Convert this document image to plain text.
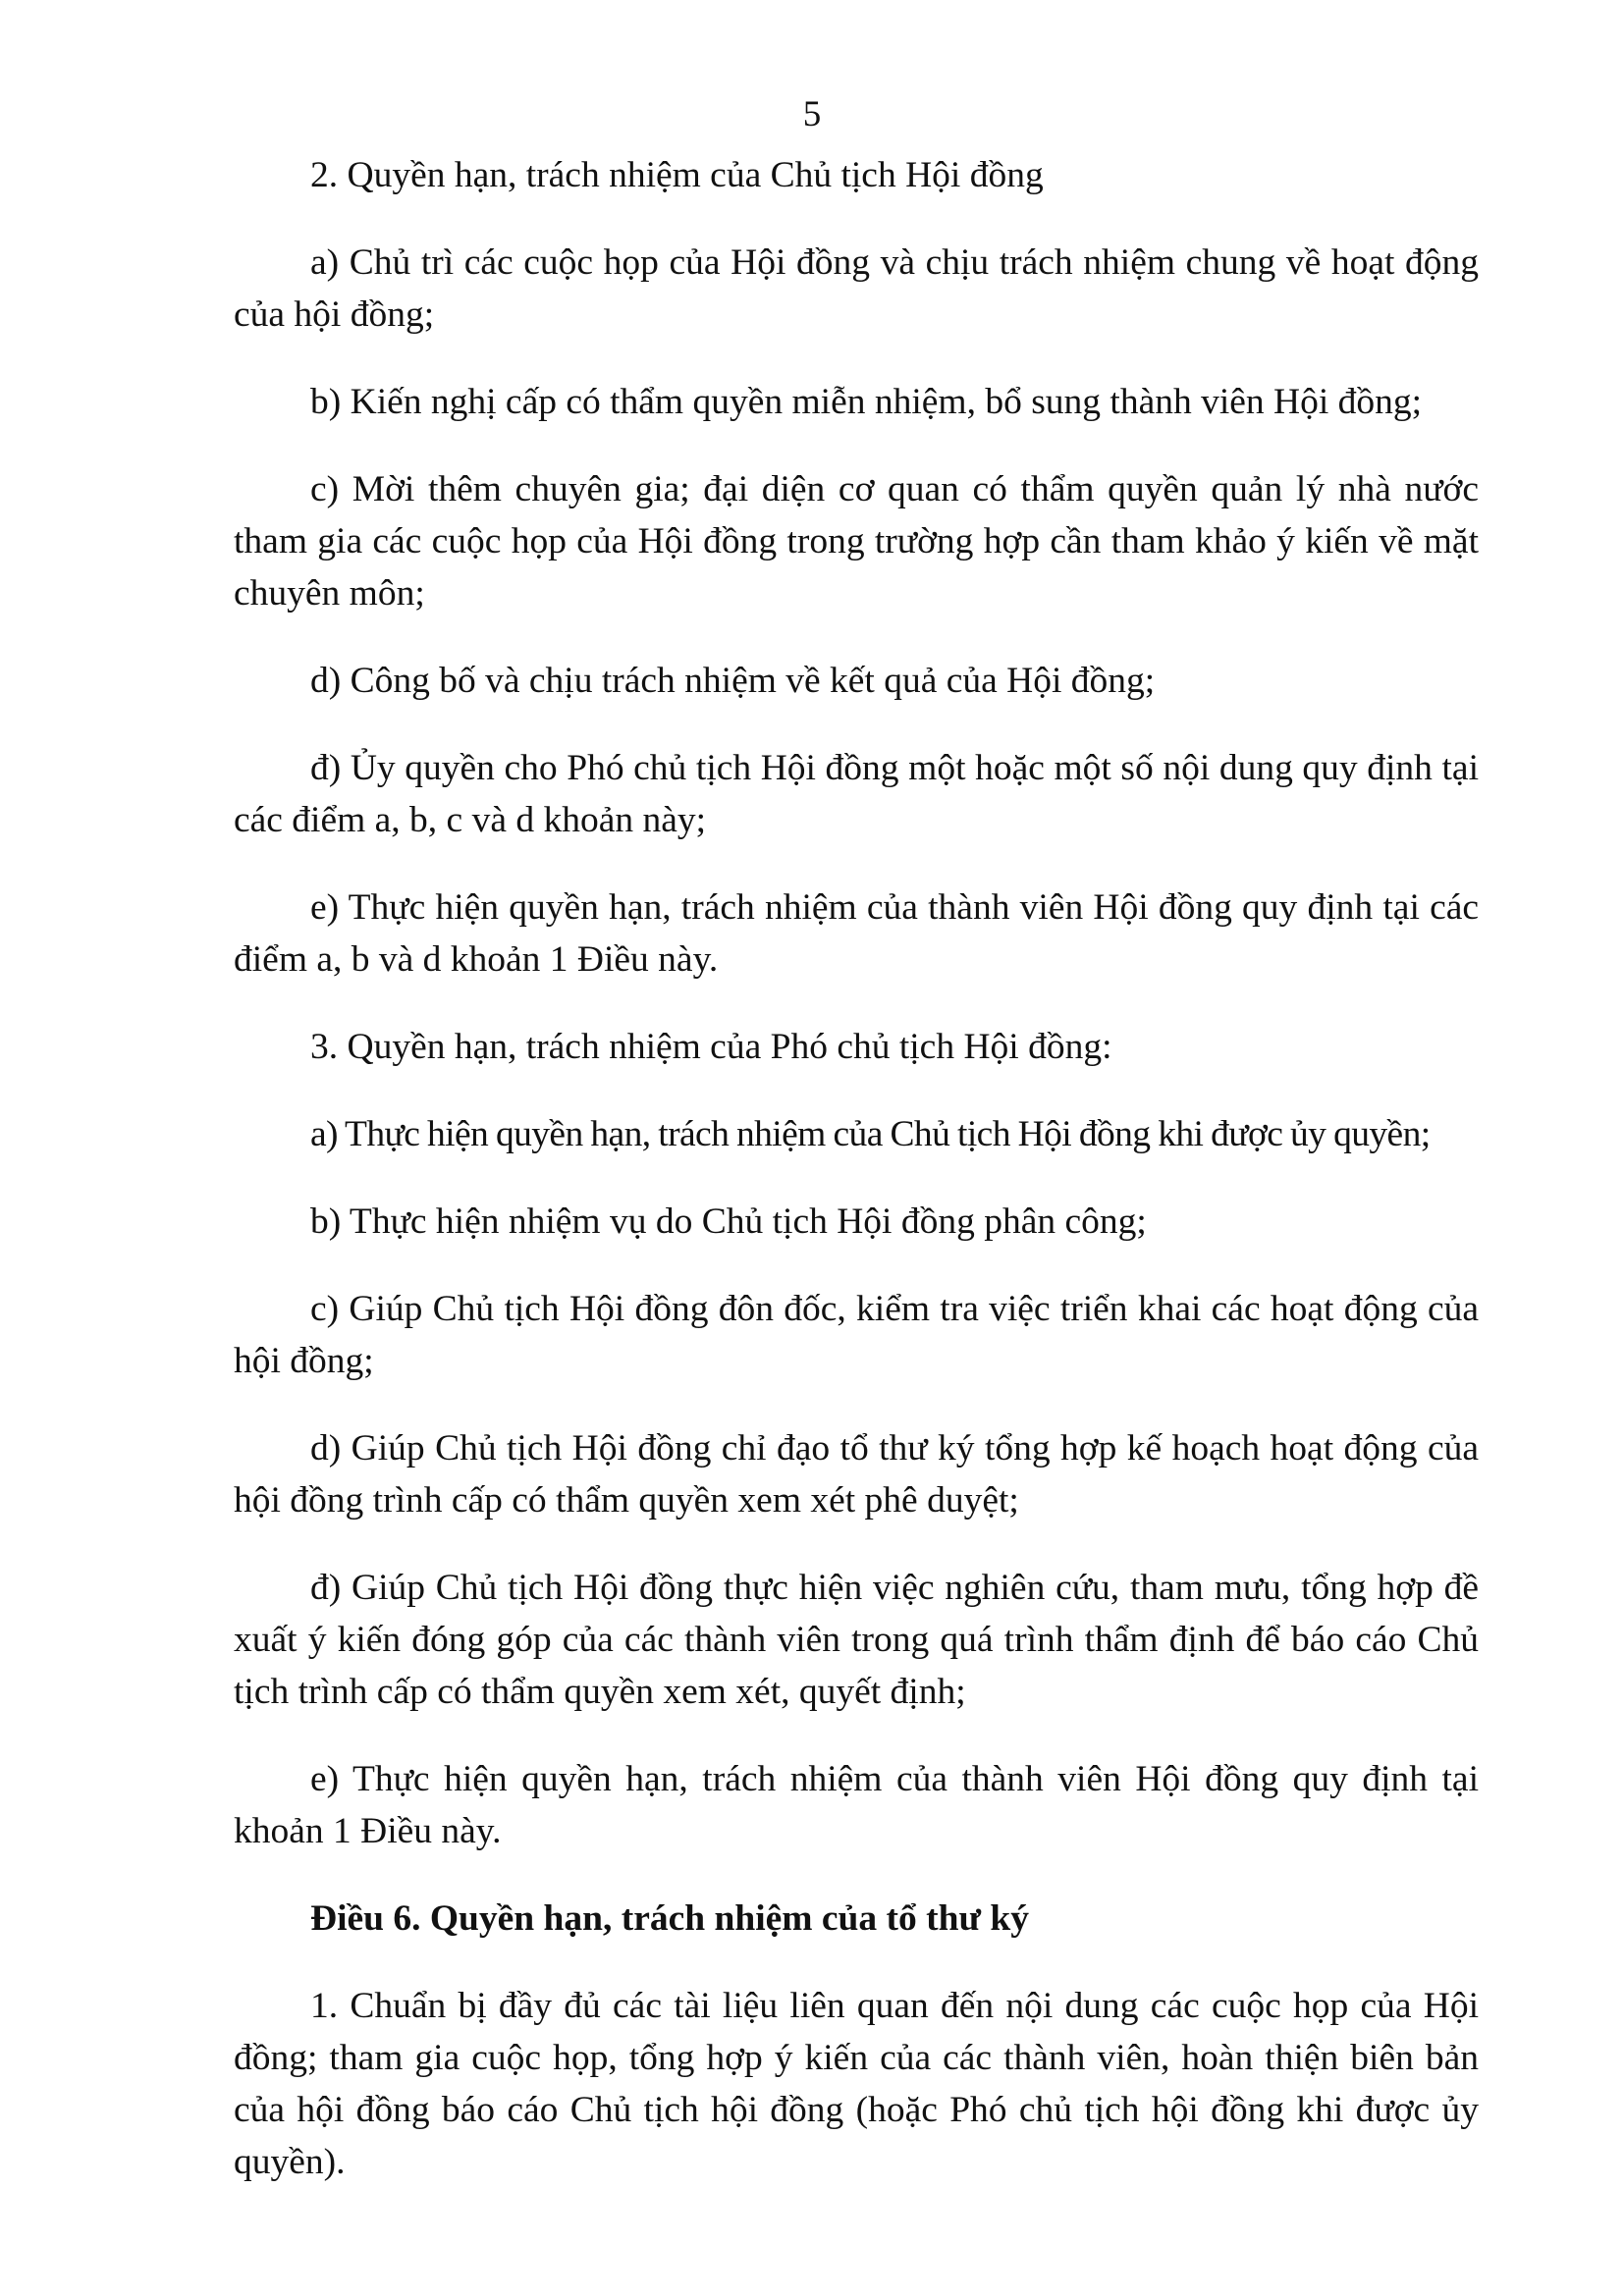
5

2. Quyền hạn, trách nhiệm của Chủ tịch Hội đồng

a) Chủ trì các cuộc họp của Hội đồng và chịu trách nhiệm chung về hoạt động của hội đồng;

b) Kiến nghị cấp có thẩm quyền miễn nhiệm, bổ sung thành viên Hội đồng;

c) Mời thêm chuyên gia; đại diện cơ quan có thẩm quyền quản lý nhà nước tham gia các cuộc họp của Hội đồng trong trường hợp cần tham khảo ý kiến về mặt chuyên môn;

d) Công bố và chịu trách nhiệm về kết quả của Hội đồng;

đ) Ủy quyền cho Phó chủ tịch Hội đồng một hoặc một số nội dung quy định tại các điểm a, b, c và d khoản này;

e) Thực hiện quyền hạn, trách nhiệm của thành viên Hội đồng quy định tại các điểm a, b và d khoản 1 Điều này.

3. Quyền hạn, trách nhiệm của Phó chủ tịch Hội đồng:

a) Thực hiện quyền hạn, trách nhiệm của Chủ tịch Hội đồng khi được ủy quyền;

b) Thực hiện nhiệm vụ do Chủ tịch Hội đồng phân công;

c) Giúp Chủ tịch Hội đồng đôn đốc, kiểm tra việc triển khai các hoạt động của hội đồng;

d) Giúp Chủ tịch Hội đồng chỉ đạo tổ thư ký tổng hợp kế hoạch hoạt động của hội đồng trình cấp có thẩm quyền xem xét phê duyệt;

đ) Giúp Chủ tịch Hội đồng thực hiện việc nghiên cứu, tham mưu, tổng hợp đề xuất ý kiến đóng góp của các thành viên trong quá trình thẩm định để báo cáo Chủ tịch trình cấp có thẩm quyền xem xét, quyết định;

e) Thực hiện quyền hạn, trách nhiệm của thành viên Hội đồng quy định tại khoản 1 Điều này.

Điều 6. Quyền hạn, trách nhiệm của tổ thư ký

1. Chuẩn bị đầy đủ các tài liệu liên quan đến nội dung các cuộc họp của Hội đồng; tham gia cuộc họp, tổng hợp ý kiến của các thành viên, hoàn thiện biên bản của hội đồng báo cáo Chủ tịch hội đồng (hoặc Phó chủ tịch hội đồng khi được ủy quyền).
